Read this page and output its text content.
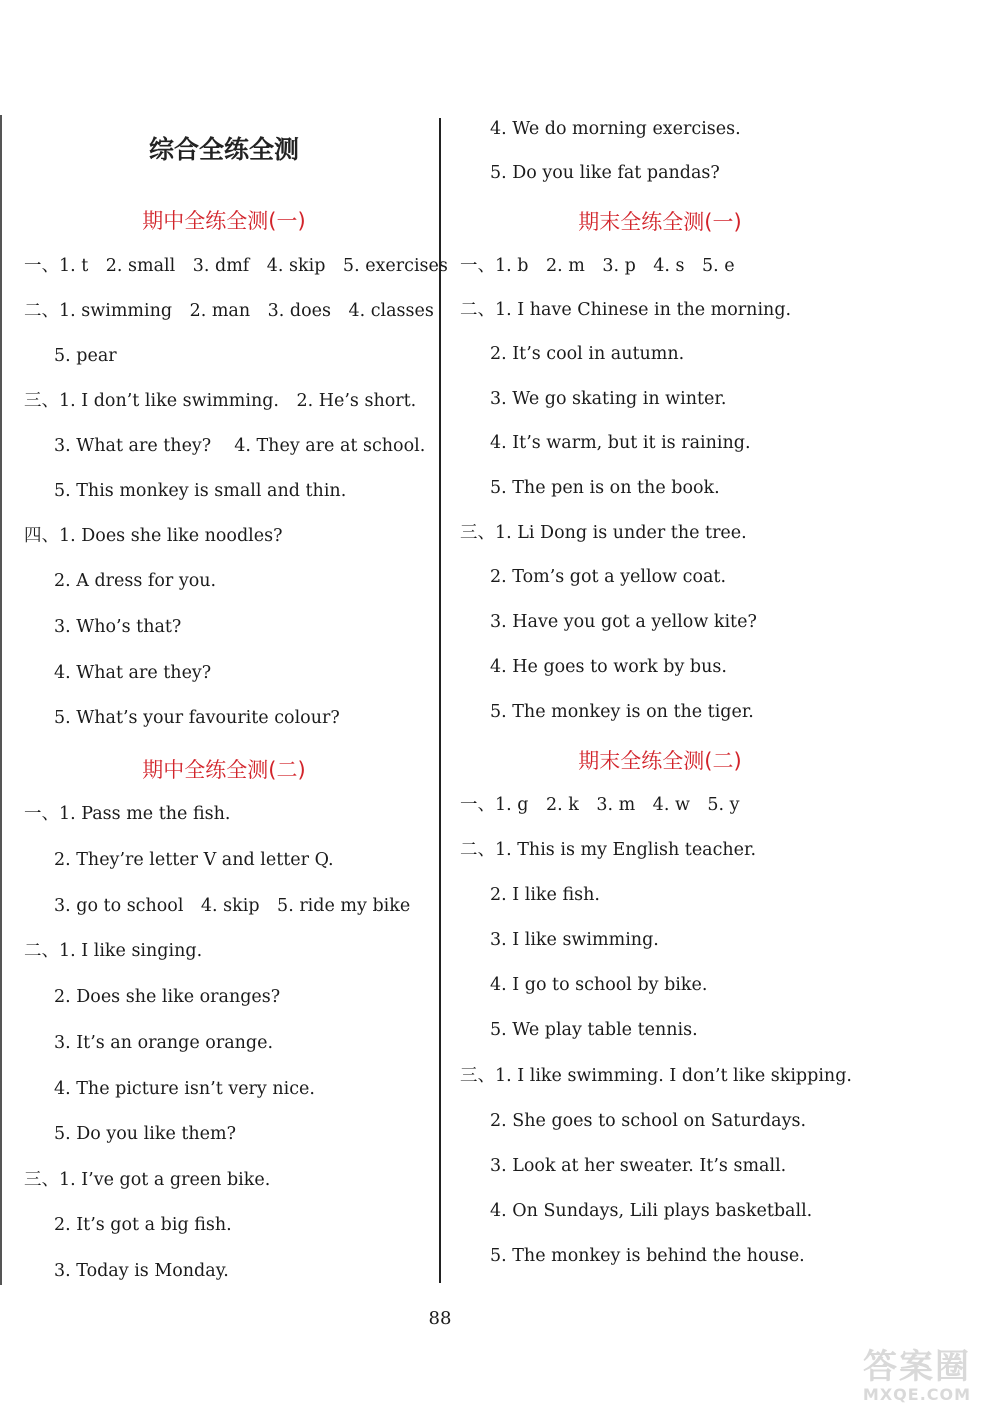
综合全练全测
期中全练全测(一)
一、1. t　2. small　3. dmf　4. skip　5. exercises
二、1. swimming　2. man　3. does　4. classes
5. pear
三、1. I don’t like swimming.　2. He’s short.
3. What are they?　 4. They are at school.
5. This monkey is small and thin.
四、1. Does she like noodles?
2. A dress for you.
3. Who’s that?
4. What are they?
5. What’s your favourite colour?
期中全练全测(二)
一、1. Pass me the fish.
2. They’re letter V and letter Q.
3. go to school　4. skip　5. ride my bike
二、1. I like singing.
2. Does she like oranges?
3. It’s an orange orange.
4. The picture isn’t very nice.
5. Do you like them?
三、1. I’ve got a green bike.
2. It’s got a big fish.
3. Today is Monday.
4. We do morning exercises.
5. Do you like fat pandas?
期末全练全测(一)
一、1. b　2. m　3. p　4. s　5. e
二、1. I have Chinese in the morning.
2. It’s cool in autumn.
3. We go skating in winter.
4. It’s warm, but it is raining.
5. The pen is on the book.
三、1. Li Dong is under the tree.
2. Tom’s got a yellow coat.
3. Have you got a yellow kite?
4. He goes to work by bus.
5. The monkey is on the tiger.
期末全练全测(二)
一、1. g　2. k　3. m　4. w　5. y
二、1. This is my English teacher.
2. I like fish.
3. I like swimming.
4. I go to school by bike.
5. We play table tennis.
三、1. I like swimming. I don’t like skipping.
2. She goes to school on Saturdays.
3. Look at her sweater. It’s small.
4. On Sundays, Lili plays basketball.
5. The monkey is behind the house.
88
答案圈
MXQE.COM
